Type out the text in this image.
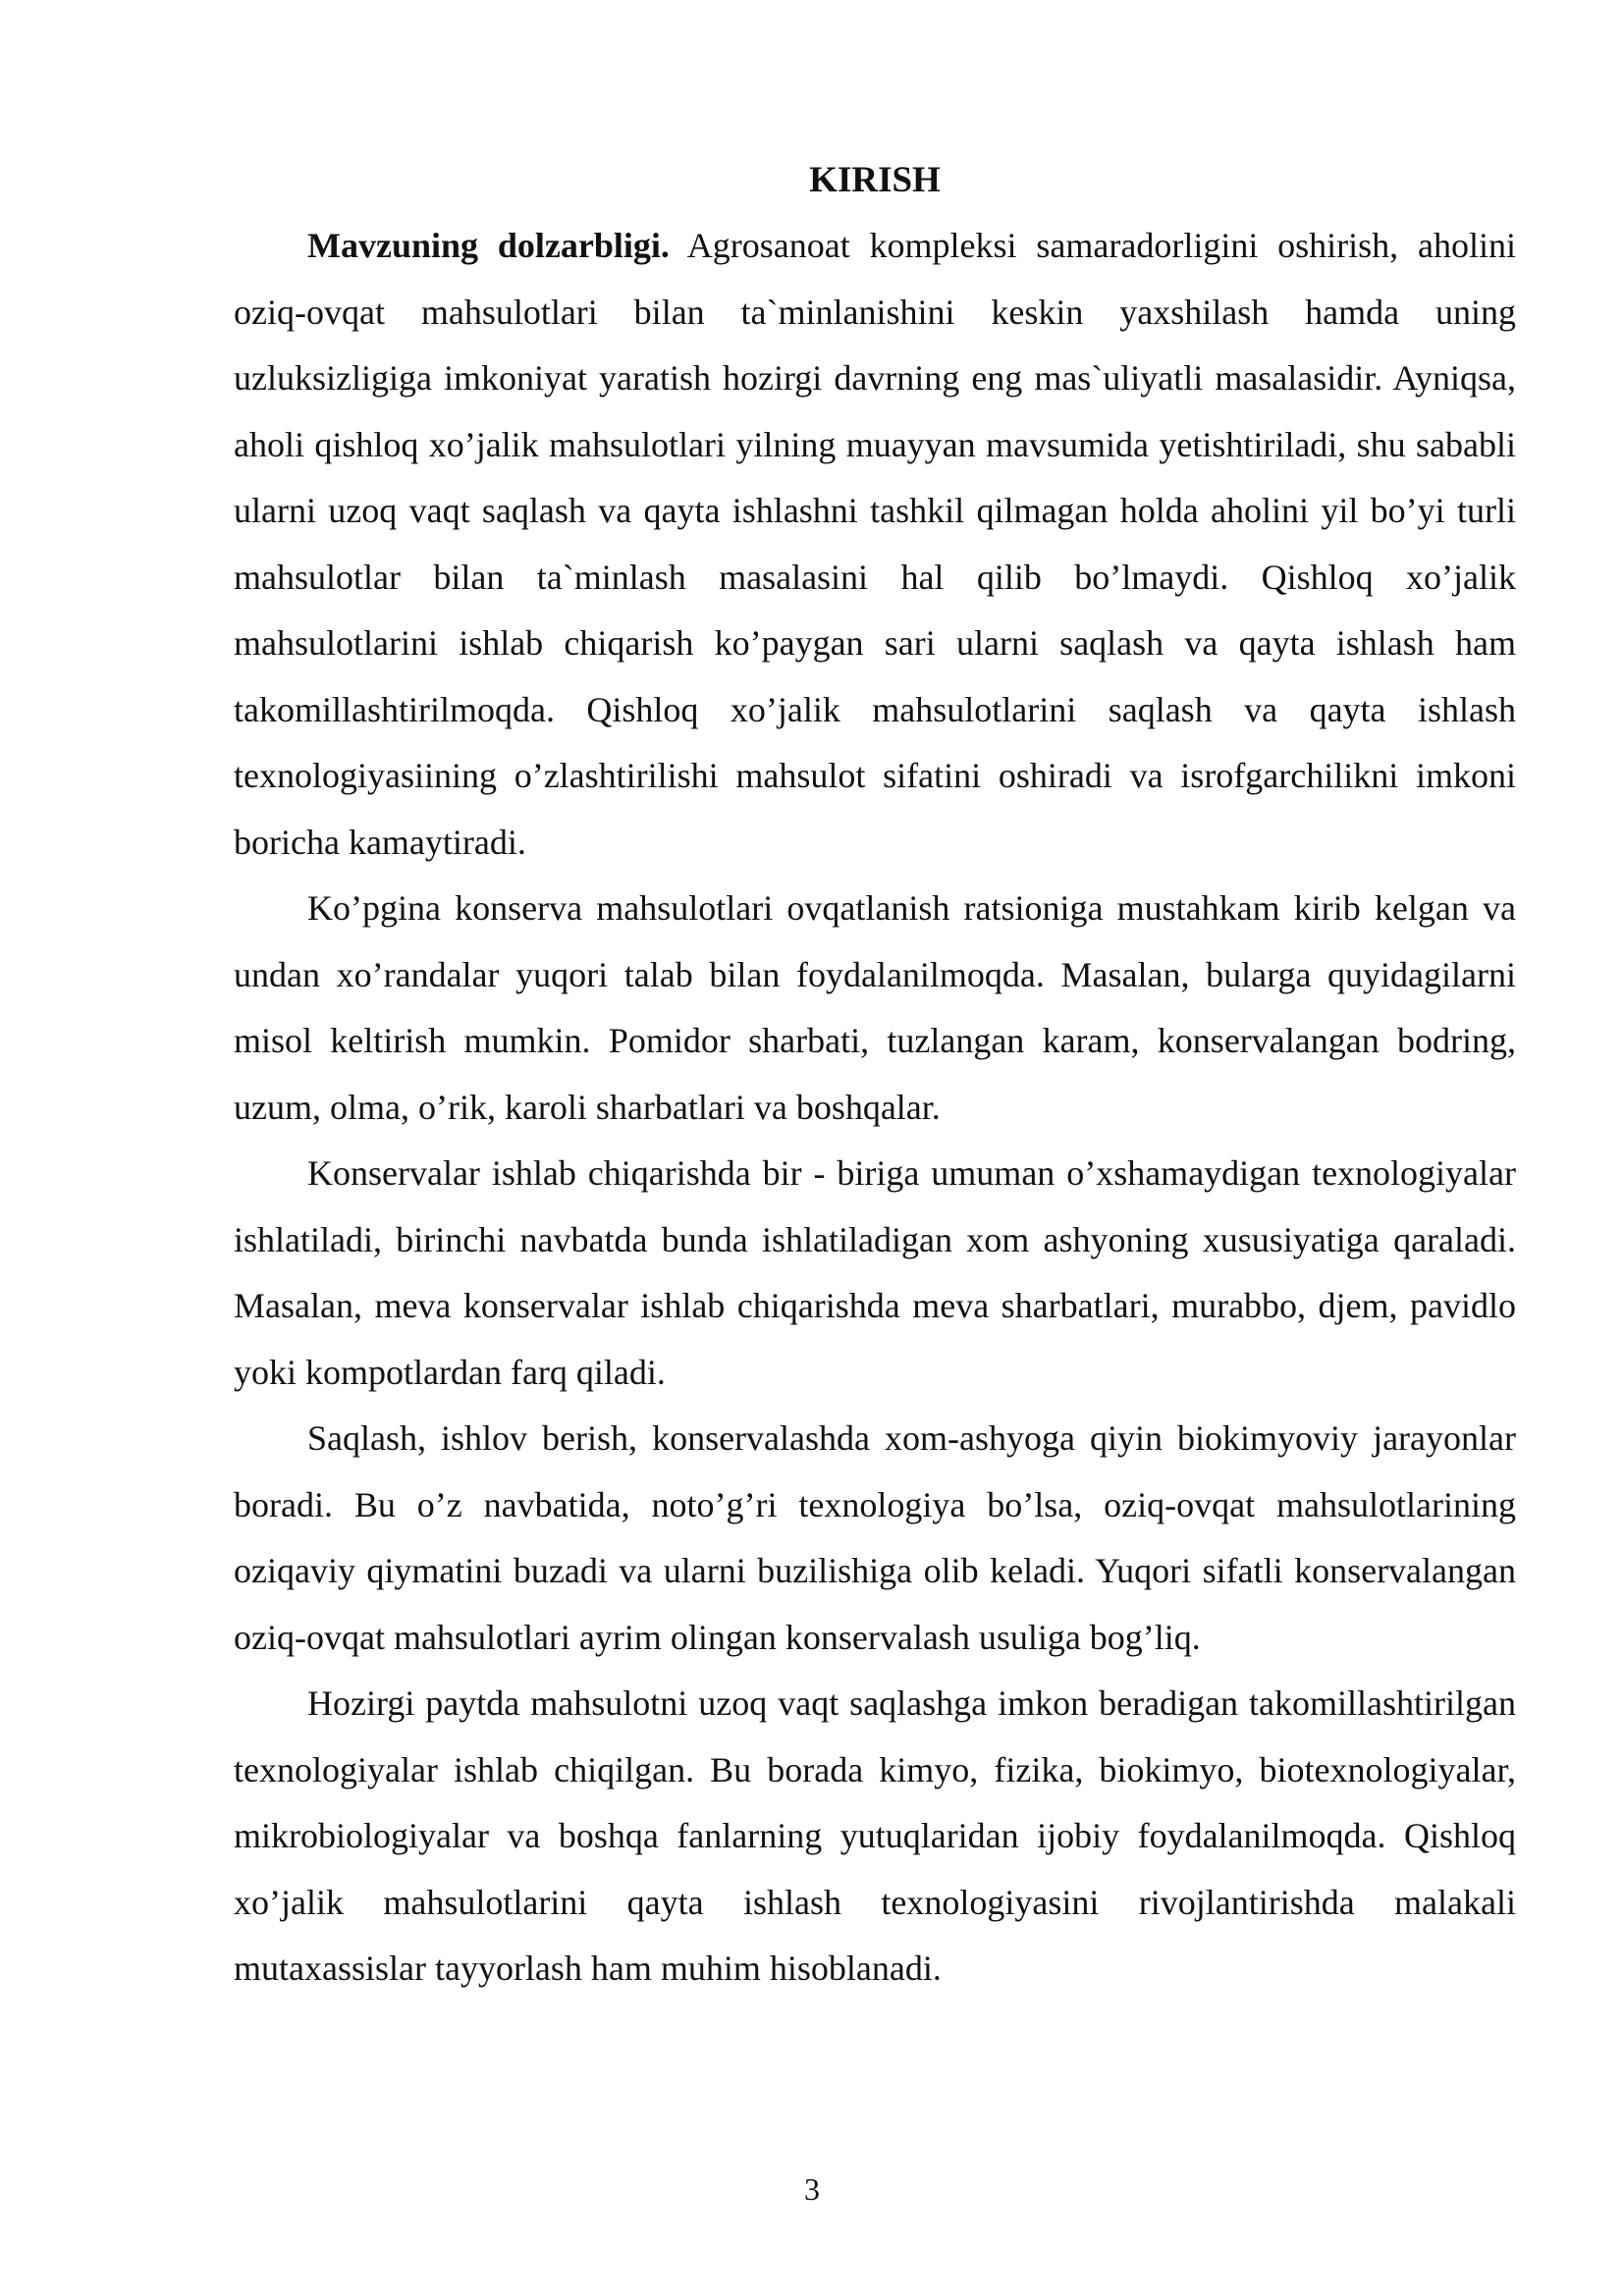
KIRISH

Mavzuning dolzarbligi. Agrosanoat kompleksi samaradorligini oshirish, aholini oziq-ovqat mahsulotlari bilan ta`minlanishini keskin yaxshilash hamda uning uzluksizligiga imkoniyat yaratish hozirgi davrning eng mas`uliyatli masalasidir. Ayniqsa, aholi qishloq xo’jalik mahsulotlari yilning muayyan mavsumida yetishtiriladi, shu sababli ularni uzoq vaqt saqlash va qayta ishlashni tashkil qilmagan holda aholini yil bo’yi turli mahsulotlar bilan ta`minlash masalasini hal qilib bo’lmaydi. Qishloq xo’jalik mahsulotlarini ishlab chiqarish ko’paygan sari ularni saqlash va qayta ishlash ham takomillashtirilmoqda. Qishloq xo’jalik mahsulotlarini saqlash va qayta ishlash texnologiyasiining o’zlashtirilishi mahsulot sifatini oshiradi va isrofgarchilikni imkoni boricha kamaytiradi.

Ko’pgina konserva mahsulotlari ovqatlanish ratsioniga mustahkam kirib kelgan va undan xo’randalar yuqori talab bilan foydalanilmoqda. Masalan, bularga quyidagilarni misol keltirish mumkin. Pomidor sharbati, tuzlangan karam, konservalangan bodring, uzum, olma, o’rik, karoli sharbatlari va boshqalar.

Konservalar ishlab chiqarishda bir - biriga umuman o’xshamaydigan texnologiyalar ishlatiladi, birinchi navbatda bunda ishlatiladigan xom ashyoning xususiyatiga qaraladi. Masalan, meva konservalar ishlab chiqarishda meva sharbatlari, murabbo, djem, pavidlo yoki kompotlardan farq qiladi.

Saqlash, ishlov berish, konservalashda xom-ashyoga qiyin biokimyoviy jarayonlar boradi. Bu o’z navbatida, noto’g’ri texnologiya bo’lsa, oziq-ovqat mahsulotlarining oziqaviy qiymatini buzadi va ularni buzilishiga olib keladi. Yuqori sifatli konservalangan oziq-ovqat mahsulotlari ayrim olingan konservalash usuliga bog’liq.

Hozirgi paytda mahsulotni uzoq vaqt saqlashga imkon beradigan takomillashtirilgan texnologiyalar ishlab chiqilgan. Bu borada kimyo, fizika, biokimyo, biotexnologiyalar, mikrobiologiyalar va boshqa fanlarning yutuqlaridan ijobiy foydalanilmoqda. Qishloq xo’jalik mahsulotlarini qayta ishlash texnologiyasini rivojlantirishda malakali mutaxassislar tayyorlash ham muhim hisoblanadi.

3
